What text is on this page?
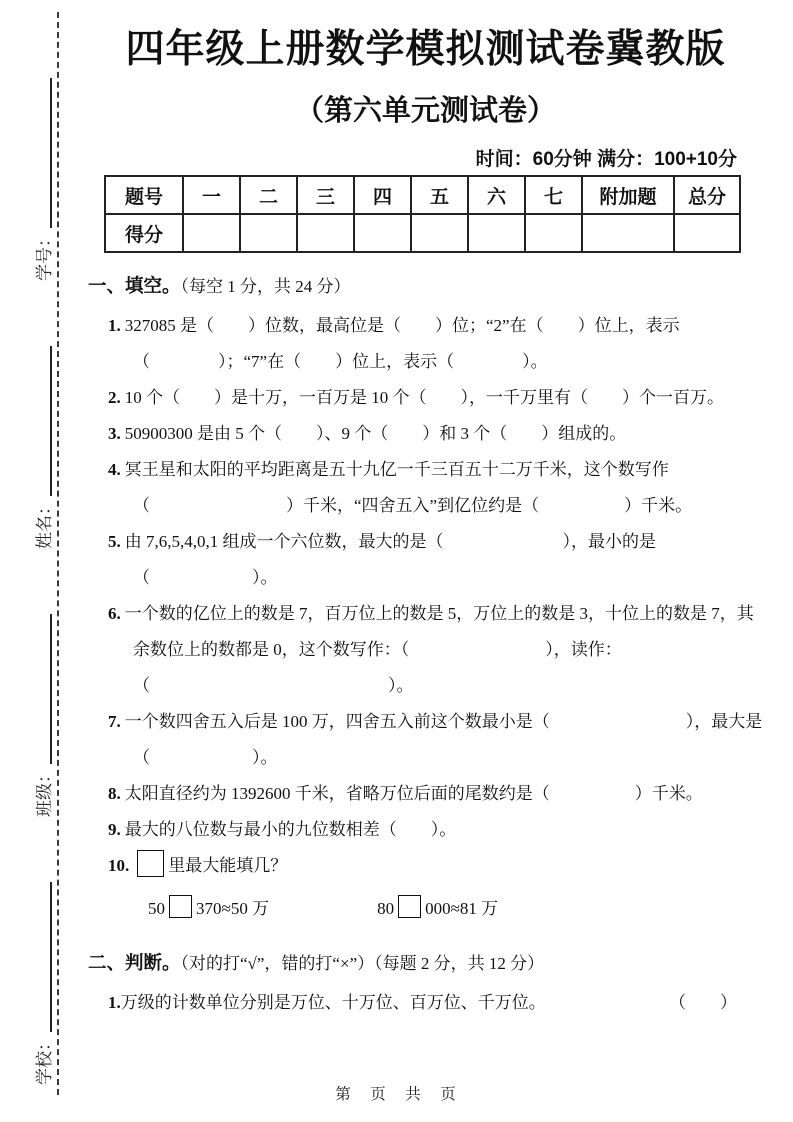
学校：
班级：
姓名：
学号：
四年级上册数学模拟测试卷冀教版
（第六单元测试卷）
时间：60分钟 满分：100+10分
题号	一	二	三	四	五	六	七	附加题	总分
得分									
一、填空。（每空 1 分，共 24 分）

1. 327085 是（　　）位数，最高位是（　　）位；“2”在（　　）位上，表示（　　　　）；“7”在（　　）位上，表示（　　　　）。

2. 10 个（　　）是十万，一百万是 10 个（　　），一千万里有（　　）个一百万。

3. 50900300 是由 5 个（　　）、9 个（　　）和 3 个（　　）组成的。

4. 冥王星和太阳的平均距离是五十九亿一千三百五十二万千米，这个数写作（　　　　　　　　）千米，“四舍五入”到亿位约是（　　　　　）千米。

5. 由 7,6,5,4,0,1 组成一个六位数，最大的是（　　　　　　　），最小的是（　　　　　　）。

6. 一个数的亿位上的数是 7，百万位上的数是 5，万位上的数是 3，十位上的数是 7，其余数位上的数都是 0，这个数写作：（　　　　　　　　），读作：（　　　　　　　　　　　　　　）。

7. 一个数四舍五入后是 100 万，四舍五入前这个数最小是（　　　　　　　　），最大是（　　　　　　）。

8. 太阳直径约为 1392600 千米，省略万位后面的尾数约是（　　　　　）千米。

9. 最大的八位数与最小的九位数相差（　　）。

10. 里最大能填几？

50 370≈50 万	80 000≈81 万
二、判断。（对的打“√”，错的打“×”）（每题 2 分，共 12 分）
1.万级的计数单位分别是万位、十万位、百万位、千万位。	（　　）
第　页　共　页
